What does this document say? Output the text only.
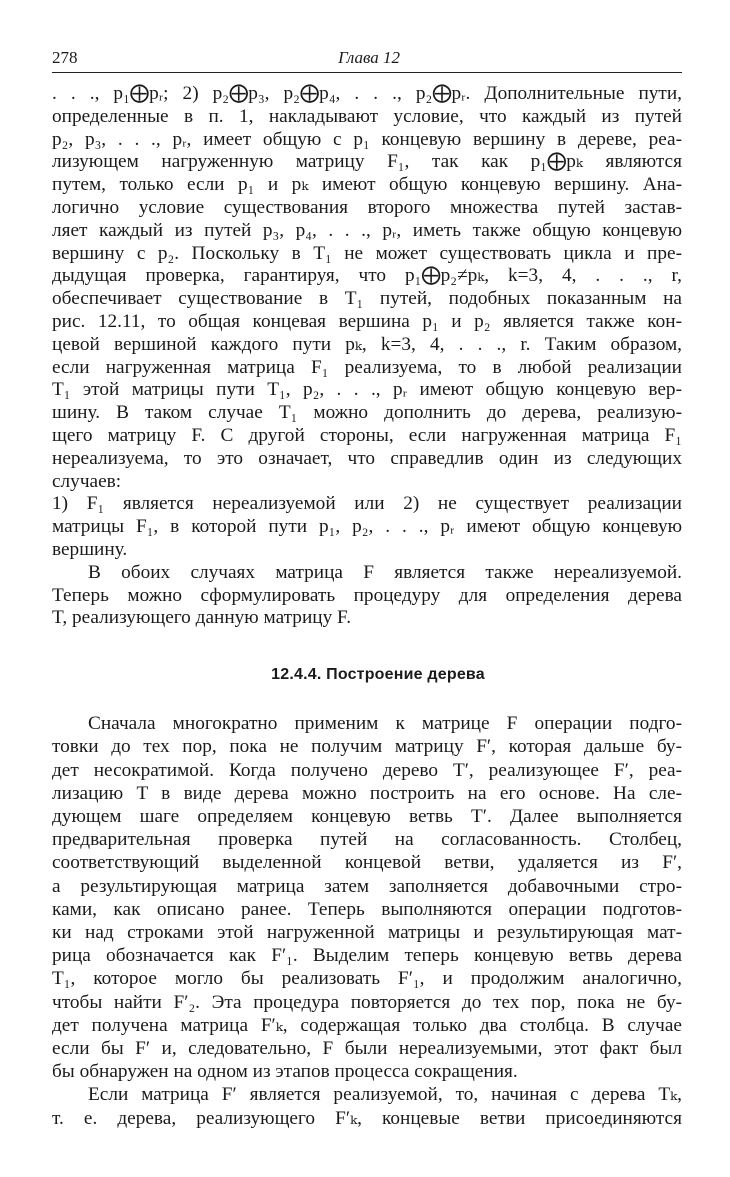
278	Глава 12
. . ., p₁⨁pᵣ; 2) p₂⨁p₃, p₂⨁p₄, . . ., p₂⨁pᵣ. Дополнительные пути,
определенные в п. 1, накладывают условие, что каждый из путей
p₂, p₃, . . ., pᵣ, имеет общую с p₁ концевую вершину в дереве, реа-
лизующем нагруженную матрицу F₁, так как p₁⨁pₖ являются
путем, только если p₁ и pₖ имеют общую концевую вершину. Ана-
логично условие существования второго множества путей застав-
ляет каждый из путей p₃, p₄, . . ., pᵣ, иметь также общую концевую
вершину с p₂. Поскольку в T₁ не может существовать цикла и пре-
дыдущая проверка, гарантируя, что p₁⨁p₂≠pₖ, k=3, 4, . . ., r,
обеспечивает существование в T₁ путей, подобных показанным на
рис. 12.11, то общая концевая вершина p₁ и p₂ является также кон-
цевой вершиной каждого пути pₖ, k=3, 4, . . ., r. Таким образом,
если нагруженная матрица F₁ реализуема, то в любой реализации
T₁ этой матрицы пути T₁, p₂, . . ., pᵣ имеют общую концевую вер-
шину. В таком случае T₁ можно дополнить до дерева, реализую-
щего матрицу F. С другой стороны, если нагруженная матрица F₁
нереализуема, то это означает, что справедлив один из следующих
случаев:
1) F₁ является нереализуемой или 2) не существует реализации
матрицы F₁, в которой пути p₁, p₂, . . ., pᵣ имеют общую концевую
вершину.
В обоих случаях матрица F является также нереализуемой.
Теперь можно сформулировать процедуру для определения дерева
T, реализующего данную матрицу F.
12.4.4. Построение дерева
Сначала многократно применим к матрице F операции подго-
товки до тех пор, пока не получим матрицу F′, которая дальше бу-
дет несократимой. Когда получено дерево T′, реализующее F′, реа-
лизацию T в виде дерева можно построить на его основе. На сле-
дующем шаге определяем концевую ветвь T′. Далее выполняется
предварительная проверка путей на согласованность. Столбец,
соответствующий выделенной концевой ветви, удаляется из F′,
а результирующая матрица затем заполняется добавочными стро-
ками, как описано ранее. Теперь выполняются операции подготов-
ки над строками этой нагруженной матрицы и результирующая мат-
рица обозначается как F′₁. Выделим теперь концевую ветвь дерева
T₁, которое могло бы реализовать F′₁, и продолжим аналогично,
чтобы найти F′₂. Эта процедура повторяется до тех пор, пока не бу-
дет получена матрица F′ₖ, содержащая только два столбца. В случае
если бы F′ и, следовательно, F были нереализуемыми, этот факт был
бы обнаружен на одном из этапов процесса сокращения.
Если матрица F′ является реализуемой, то, начиная с дерева Tₖ,
т. е. дерева, реализующего F′ₖ, концевые ветви присоединяются
